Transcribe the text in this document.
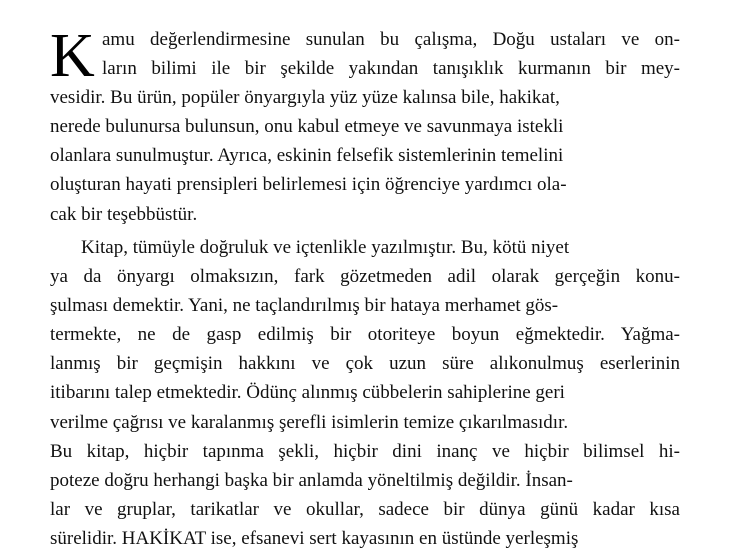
K amu değerlendirmesine sunulan bu çalışma, Doğu ustaları ve on-
ların bilimi ile bir şekilde yakından tanışıklık kurmanın bir mey-
vesidir. Bu ürün, popüler önyargıyla yüz yüze kalınsa bile, hakikat,
nerede bulunursa bulunsun, onu kabul etmeye ve savunmaya istekli
olanlara sunulmuştur. Ayrıca, eskinin felsefik sistemlerinin temelini
oluşturan hayati prensipleri belirlemesi için öğrenciye yardımcı ola-
cak bir teşebbüstür.
Kitap, tümüyle doğruluk ve içtenlikle yazılmıştır. Bu, kötü niyet
ya da önyargı olmaksızın, fark gözetmeden adil olarak gerçeğin konu-
şulması demektir. Yani, ne taçlandırılmış bir hataya merhamet gös-
termekte, ne de gasp edilmiş bir otoriteye boyun eğmektedir. Yağma-
lanmış bir geçmişin hakkını ve çok uzun süre alıkonulmuş eserlerinin
itibarını talep etmektedir. Ödünç alınmış cübbelerin sahiplerine geri
verilme çağrısı ve karalanmış şerefli isimlerin temize çıkarılmasıdır.
Bu kitap, hiçbir tapınma şekli, hiçbir dini inanç ve hiçbir bilimsel hi-
poteze doğru herhangi başka bir anlamda yöneltilmiş değildir. İnsan-
lar ve gruplar, tarikatlar ve okullar, sadece bir dünya günü kadar kısa
sürelidir. HAKİKAT ise, efsanevi sert kayasının en üstünde yerleşmiş
